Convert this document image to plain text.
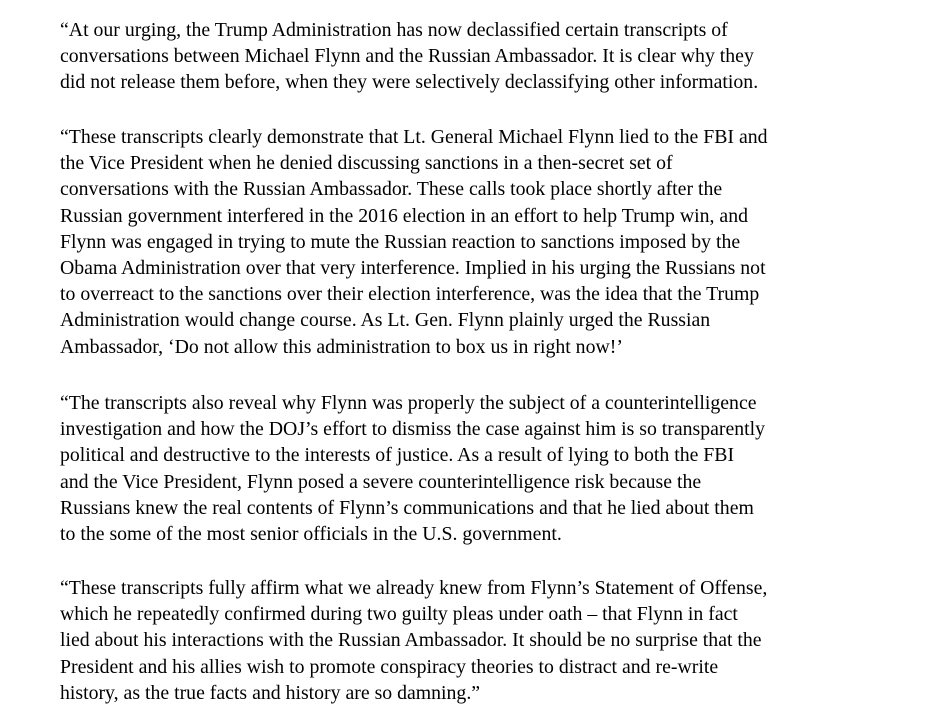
“At our urging, the Trump Administration has now declassified certain transcripts of
conversations between Michael Flynn and the Russian Ambassador. It is clear why they
did not release them before, when they were selectively declassifying other information.

“These transcripts clearly demonstrate that Lt. General Michael Flynn lied to the FBI and
the Vice President when he denied discussing sanctions in a then-secret set of
conversations with the Russian Ambassador. These calls took place shortly after the
Russian government interfered in the 2016 election in an effort to help Trump win, and
Flynn was engaged in trying to mute the Russian reaction to sanctions imposed by the
Obama Administration over that very interference. Implied in his urging the Russians not
to overreact to the sanctions over their election interference, was the idea that the Trump
Administration would change course. As Lt. Gen. Flynn plainly urged the Russian
Ambassador, ‘Do not allow this administration to box us in right now!’

“The transcripts also reveal why Flynn was properly the subject of a counterintelligence
investigation and how the DOJ’s effort to dismiss the case against him is so transparently
political and destructive to the interests of justice. As a result of lying to both the FBI
and the Vice President, Flynn posed a severe counterintelligence risk because the
Russians knew the real contents of Flynn’s communications and that he lied about them
to the some of the most senior officials in the U.S. government.

“These transcripts fully affirm what we already knew from Flynn’s Statement of Offense,
which he repeatedly confirmed during two guilty pleas under oath – that Flynn in fact
lied about his interactions with the Russian Ambassador. It should be no surprise that the
President and his allies wish to promote conspiracy theories to distract and re-write
history, as the true facts and history are so damning.”
